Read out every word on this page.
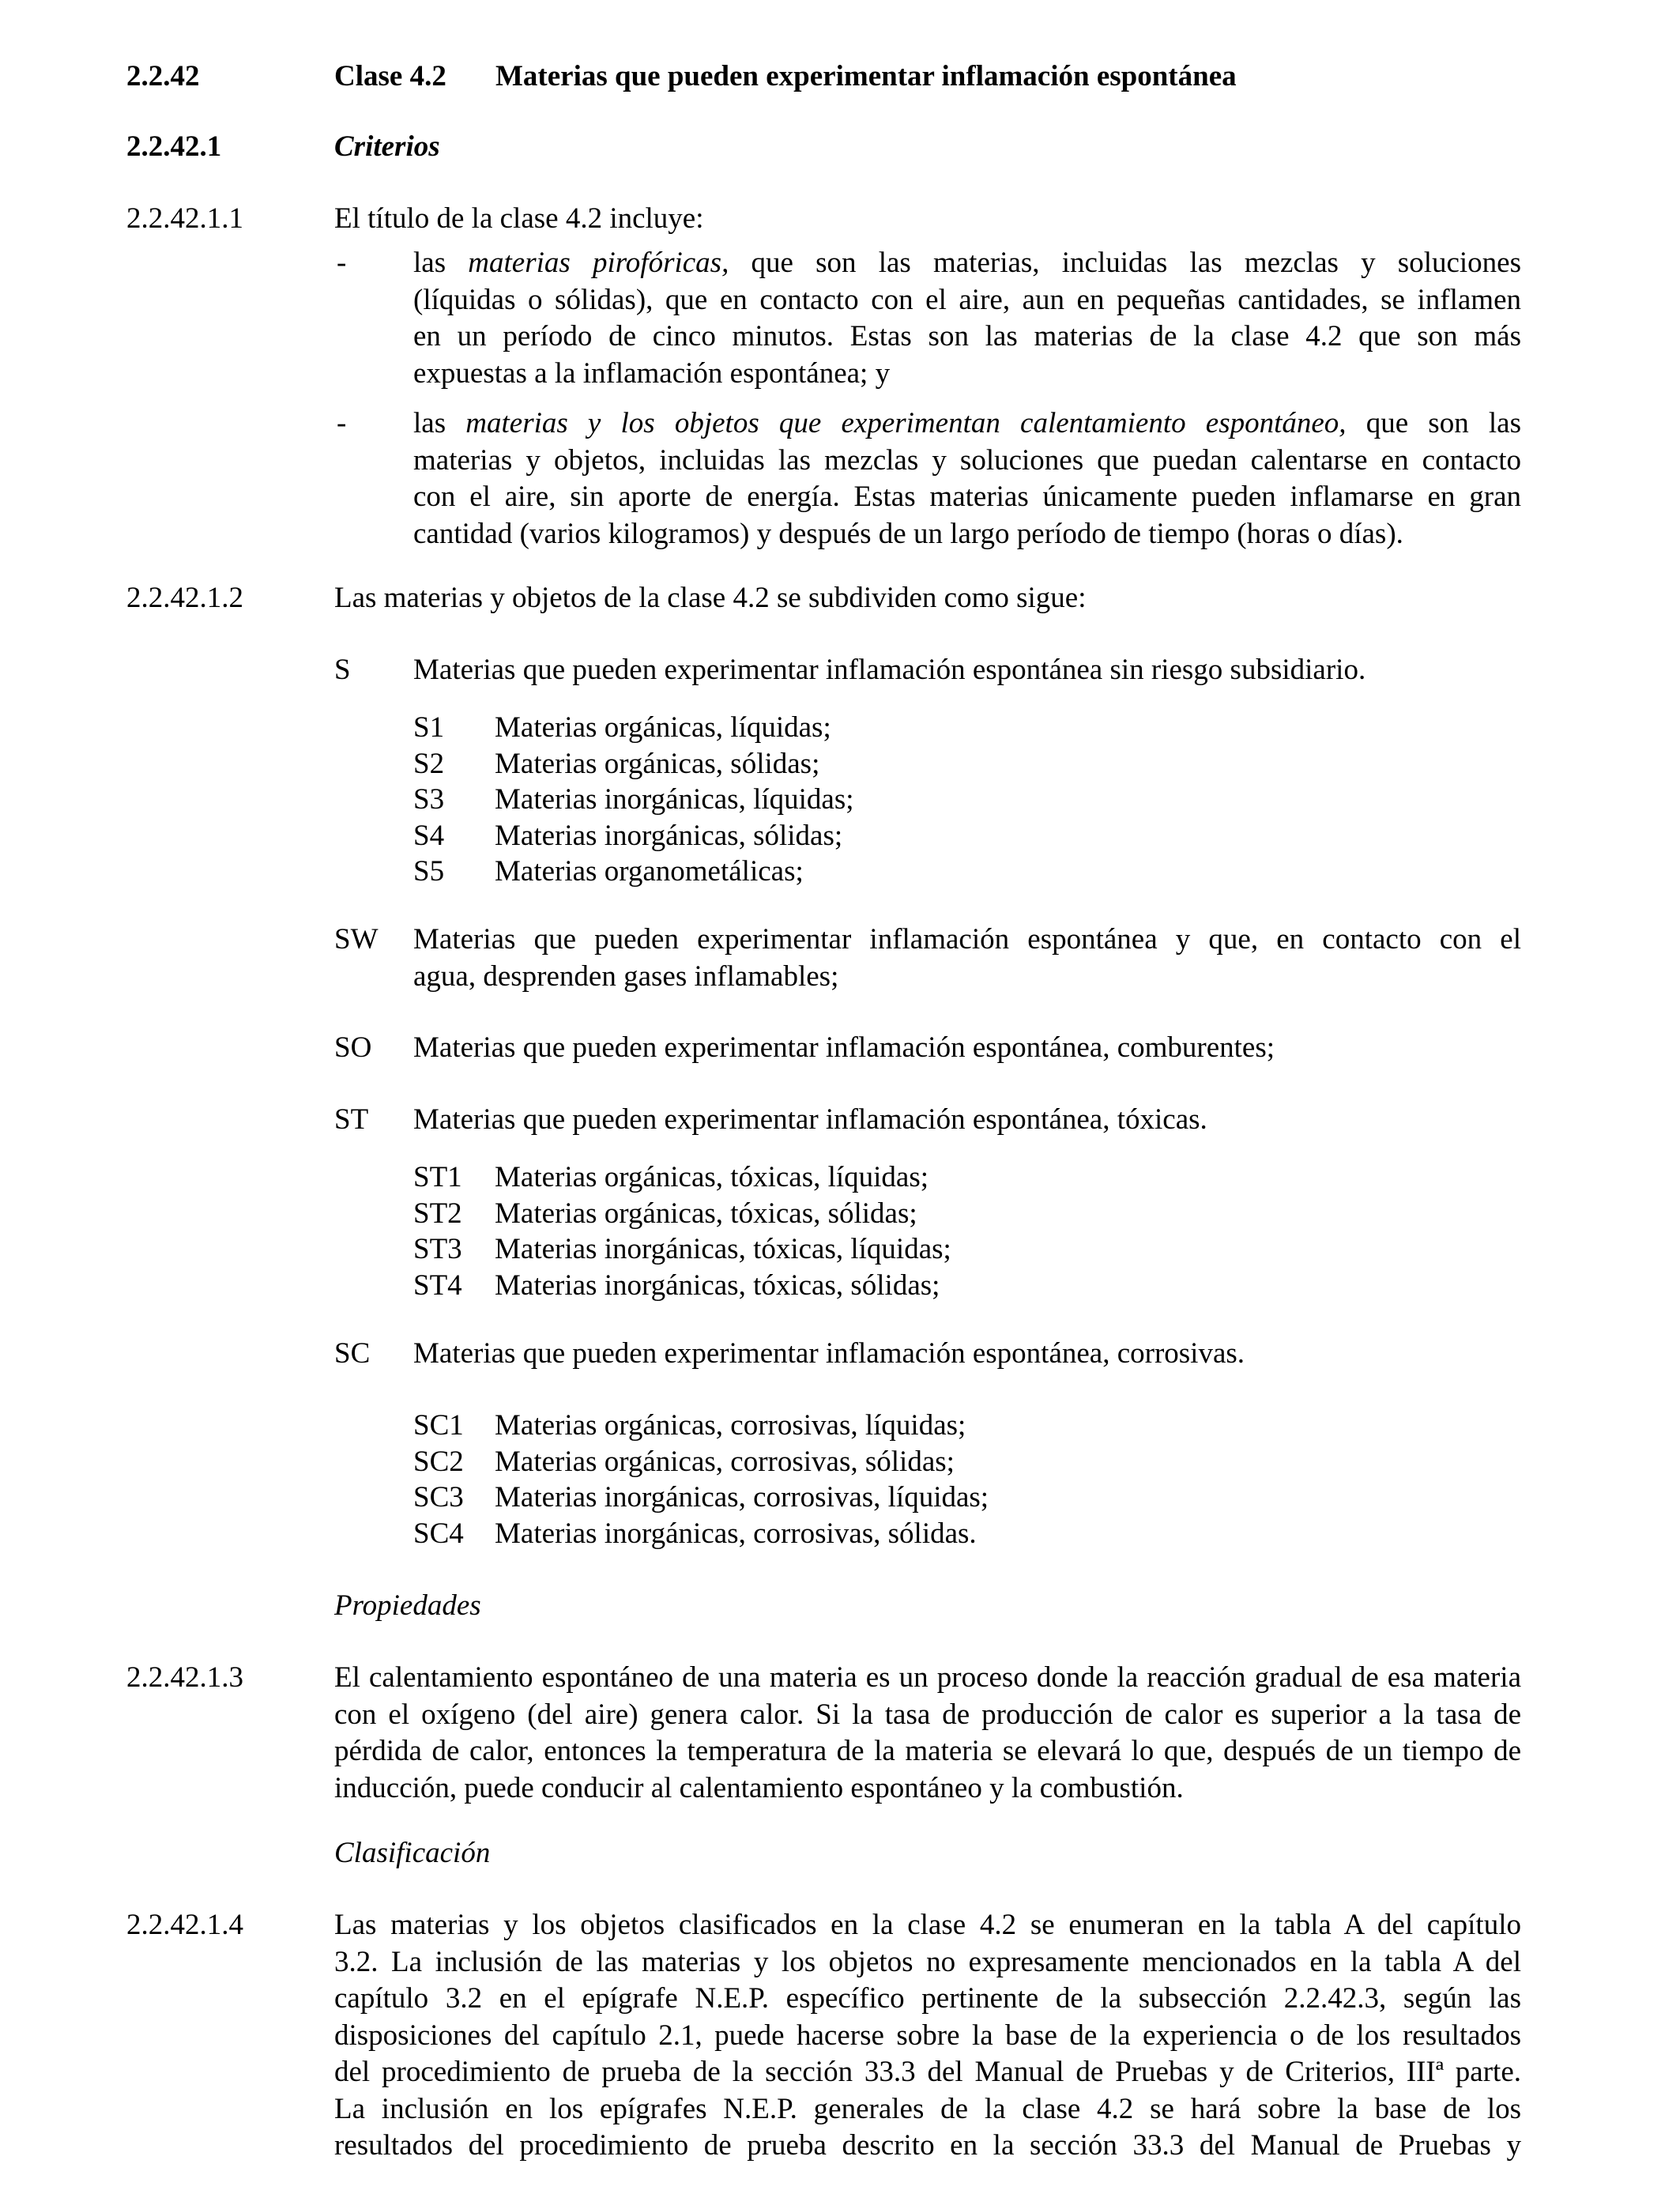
2.2.42	Clase 4.2 Materias que pueden experimentar inflamación espontánea
2.2.42.1	Criterios
2.2.42.1.1	El título de la clase 4.2 incluye:
- las materias pirofóricas, que son las materias, incluidas las mezclas y soluciones
(líquidas o sólidas), que en contacto con el aire, aun en pequeñas cantidades, se inflamen
en un período de cinco minutos. Estas son las materias de la clase 4.2 que son más
expuestas a la inflamación espontánea; y
- las materias y los objetos que experimentan calentamiento espontáneo, que son las
materias y objetos, incluidas las mezclas y soluciones que puedan calentarse en contacto
con el aire, sin aporte de energía. Estas materias únicamente pueden inflamarse en gran
cantidad (varios kilogramos) y después de un largo período de tiempo (horas o días).
2.2.42.1.2	Las materias y objetos de la clase 4.2 se subdividen como sigue:
S Materias que pueden experimentar inflamación espontánea sin riesgo subsidiario.
S1 Materias orgánicas, líquidas;
S2 Materias orgánicas, sólidas;
S3 Materias inorgánicas, líquidas;
S4 Materias inorgánicas, sólidas;
S5 Materias organometálicas;
SW Materias que pueden experimentar inflamación espontánea y que, en contacto con el
agua, desprenden gases inflamables;
SO Materias que pueden experimentar inflamación espontánea, comburentes;
ST Materias que pueden experimentar inflamación espontánea, tóxicas.
ST1 Materias orgánicas, tóxicas, líquidas;
ST2 Materias orgánicas, tóxicas, sólidas;
ST3 Materias inorgánicas, tóxicas, líquidas;
ST4 Materias inorgánicas, tóxicas, sólidas;
SC Materias que pueden experimentar inflamación espontánea, corrosivas.
SC1 Materias orgánicas, corrosivas, líquidas;
SC2 Materias orgánicas, corrosivas, sólidas;
SC3 Materias inorgánicas, corrosivas, líquidas;
SC4 Materias inorgánicas, corrosivas, sólidas.
Propiedades
2.2.42.1.3	El calentamiento espontáneo de una materia es un proceso donde la reacción gradual de esa materia
con el oxígeno (del aire) genera calor. Si la tasa de producción de calor es superior a la tasa de
pérdida de calor, entonces la temperatura de la materia se elevará lo que, después de un tiempo de
inducción, puede conducir al calentamiento espontáneo y la combustión.
Clasificación
2.2.42.1.4	Las materias y los objetos clasificados en la clase 4.2 se enumeran en la tabla A del capítulo
3.2. La inclusión de las materias y los objetos no expresamente mencionados en la tabla A del
capítulo 3.2 en el epígrafe N.E.P. específico pertinente de la subsección 2.2.42.3, según las
disposiciones del capítulo 2.1, puede hacerse sobre la base de la experiencia o de los resultados
del procedimiento de prueba de la sección 33.3 del Manual de Pruebas y de Criterios, IIIª parte.
La inclusión en los epígrafes N.E.P. generales de la clase 4.2 se hará sobre la base de los
resultados del procedimiento de prueba descrito en la sección 33.3 del Manual de Pruebas y
